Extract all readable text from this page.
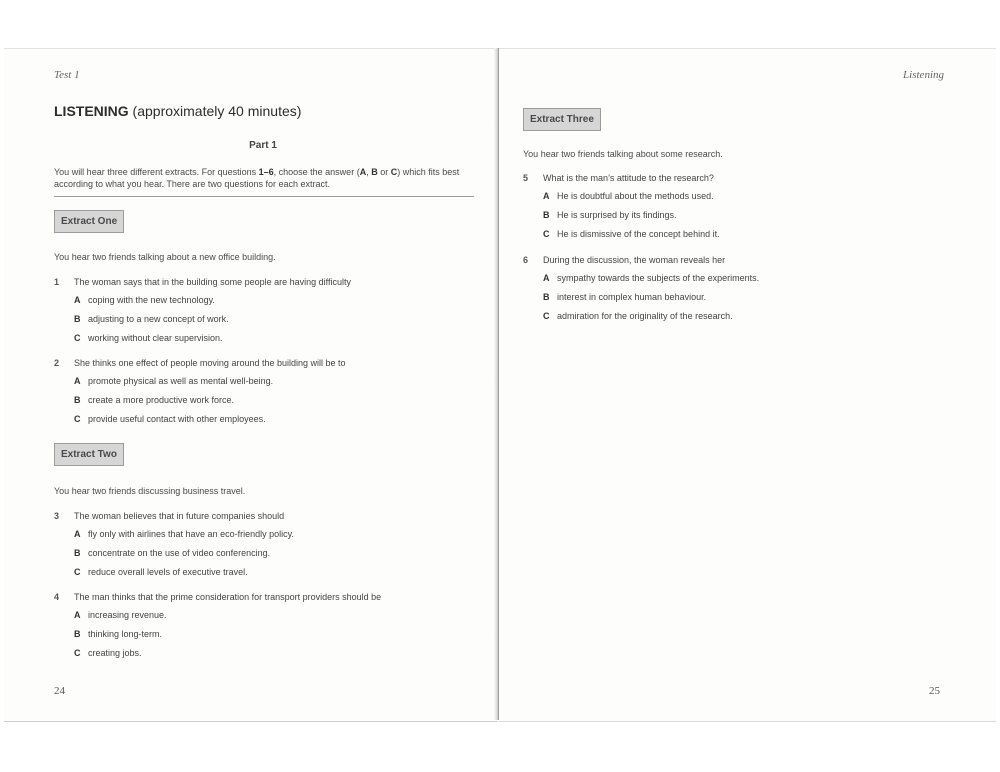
Test 1
LISTENING (approximately 40 minutes)
Part 1
You will hear three different extracts. For questions 1–6, choose the answer (A, B or C) which fits best according to what you hear. There are two questions for each extract.
Extract One
You hear two friends talking about a new office building.
1 The woman says that in the building some people are having difficulty
A coping with the new technology.
B adjusting to a new concept of work.
C working without clear supervision.
2 She thinks one effect of people moving around the building will be to
A promote physical as well as mental well-being.
B create a more productive work force.
C provide useful contact with other employees.
Extract Two
You hear two friends discussing business travel.
3 The woman believes that in future companies should
A fly only with airlines that have an eco-friendly policy.
B concentrate on the use of video conferencing.
C reduce overall levels of executive travel.
4 The man thinks that the prime consideration for transport providers should be
A increasing revenue.
B thinking long-term.
C creating jobs.
24
Listening
Extract Three
You hear two friends talking about some research.
5 What is the man’s attitude to the research?
A He is doubtful about the methods used.
B He is surprised by its findings.
C He is dismissive of the concept behind it.
6 During the discussion, the woman reveals her
A sympathy towards the subjects of the experiments.
B interest in complex human behaviour.
C admiration for the originality of the research.
25
